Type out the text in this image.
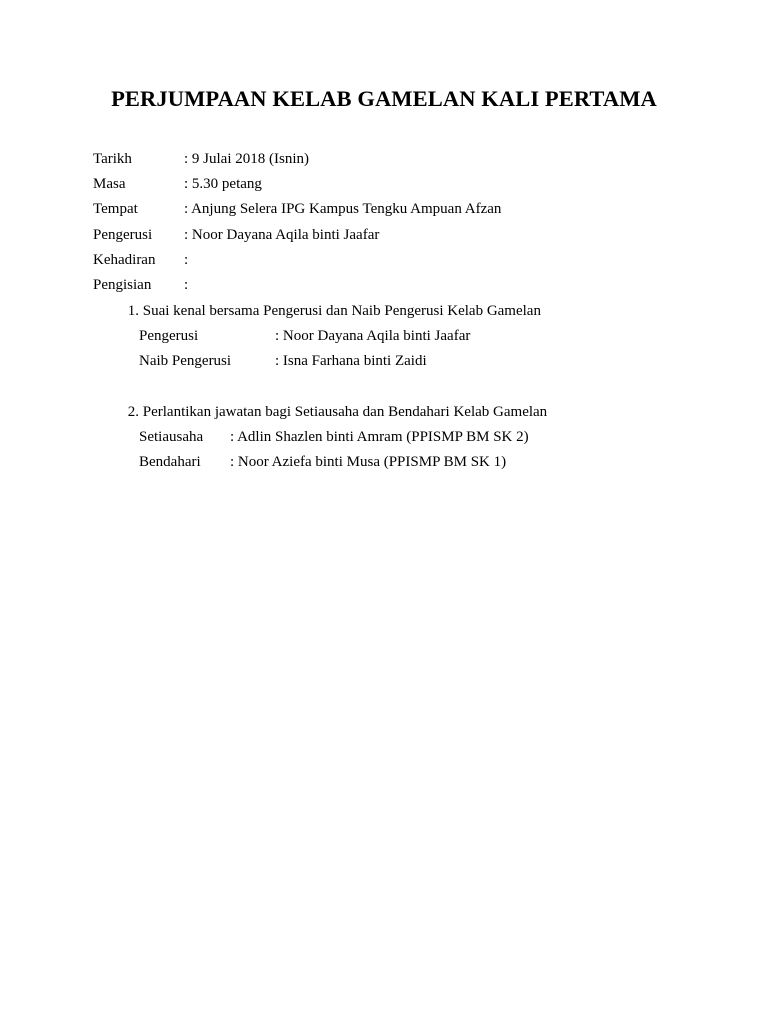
PERJUMPAAN KELAB GAMELAN KALI PERTAMA
Tarikh	: 9 Julai 2018 (Isnin)
Masa	: 5.30 petang
Tempat	: Anjung Selera IPG Kampus Tengku Ampuan Afzan
Pengerusi : Noor Dayana Aqila binti Jaafar
Kehadiran :
Pengisian :
1. Suai kenal bersama Pengerusi dan Naib Pengerusi Kelab Gamelan
Pengerusi	: Noor Dayana Aqila binti Jaafar
Naib Pengerusi	: Isna Farhana binti Zaidi
2. Perlantikan jawatan bagi Setiausaha dan Bendahari Kelab Gamelan
Setiausaha : Adlin Shazlen binti Amram (PPISMP BM SK 2)
Bendahari : Noor Aziefa binti Musa (PPISMP BM SK 1)
